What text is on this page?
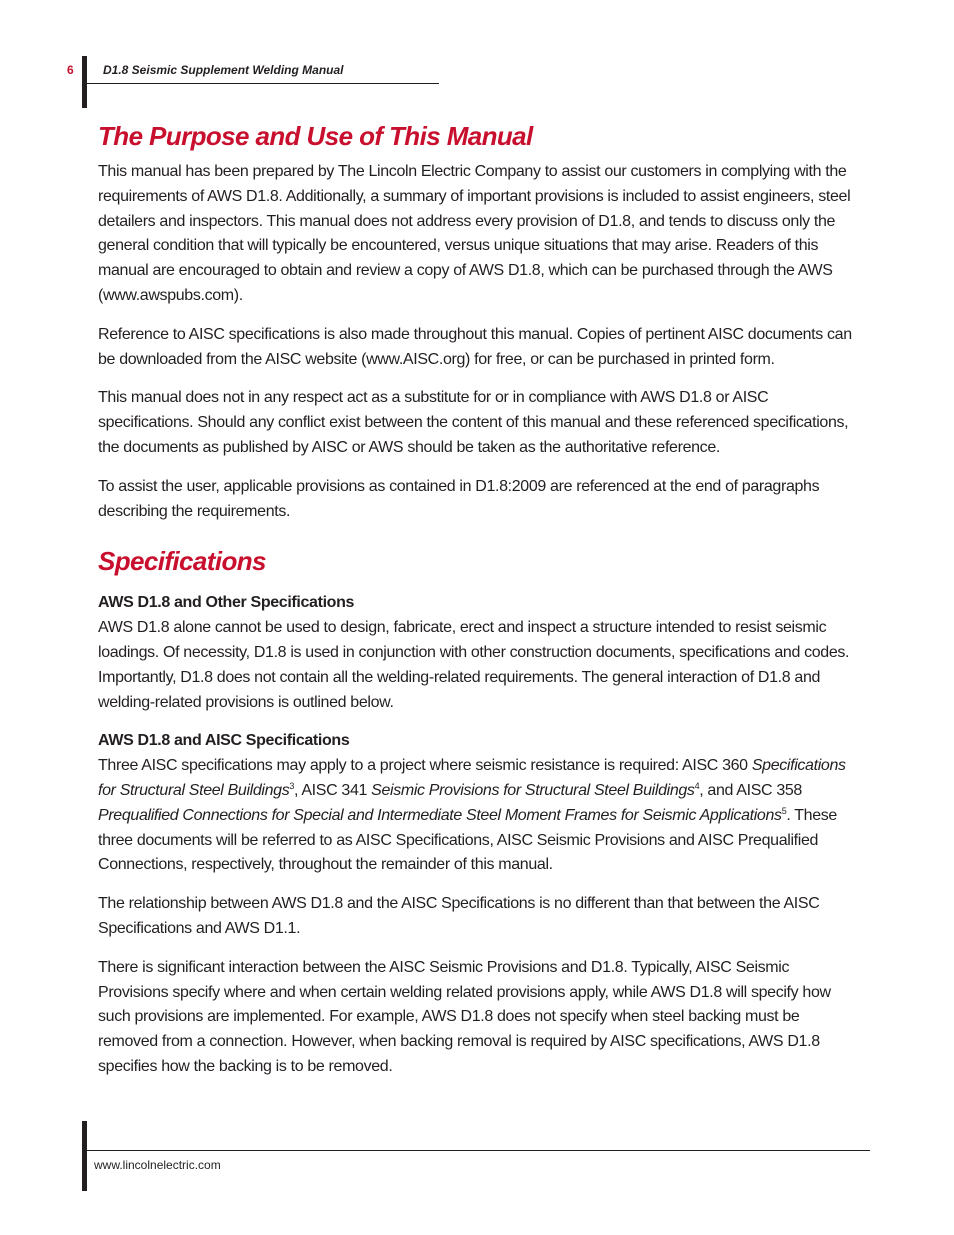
6 D1.8 Seismic Supplement Welding Manual
The Purpose and Use of This Manual

This manual has been prepared by The Lincoln Electric Company to assist our customers in complying with the requirements of AWS D1.8. Additionally, a summary of important provisions is included to assist engineers, steel detailers and inspectors. This manual does not address every provision of D1.8, and tends to discuss only the general condition that will typically be encountered, versus unique situations that may arise. Readers of this manual are encouraged to obtain and review a copy of AWS D1.8, which can be purchased through the AWS (www.awspubs.com).

Reference to AISC specifications is also made throughout this manual. Copies of pertinent AISC documents can be downloaded from the AISC website (www.AISC.org) for free, or can be purchased in printed form.

This manual does not in any respect act as a substitute for or in compliance with AWS D1.8 or AISC specifications. Should any conflict exist between the content of this manual and these referenced specifications, the documents as published by AISC or AWS should be taken as the authoritative reference.

To assist the user, applicable provisions as contained in D1.8:2009 are referenced at the end of paragraphs describing the requirements.

Specifications
AWS D1.8 and Other Specifications

AWS D1.8 alone cannot be used to design, fabricate, erect and inspect a structure intended to resist seismic loadings. Of necessity, D1.8 is used in conjunction with other construction documents, specifications and codes. Importantly, D1.8 does not contain all the welding-related requirements. The general interaction of D1.8 and welding-related provisions is outlined below.

AWS D1.8 and AISC Specifications

Three AISC specifications may apply to a project where seismic resistance is required: AISC 360 Specifications for Structural Steel Buildings$^3$, AISC 341 Seismic Provisions for Structural Steel Buildings$^4$, and AISC 358 Prequalified Connections for Special and Intermediate Steel Moment Frames for Seismic Applications$^5$. These three documents will be referred to as AISC Specifications, AISC Seismic Provisions and AISC Prequalified Connections, respectively, throughout the remainder of this manual.

The relationship between AWS D1.8 and the AISC Specifications is no different than that between the AISC Specifications and AWS D1.1.

There is significant interaction between the AISC Seismic Provisions and D1.8. Typically, AISC Seismic Provisions specify where and when certain welding related provisions apply, while AWS D1.8 will specify how such provisions are implemented. For example, AWS D1.8 does not specify when steel backing must be removed from a connection. However, when backing removal is required by AISC specifications, AWS D1.8 specifies how the backing is to be removed.

www.lincolnelectric.com
